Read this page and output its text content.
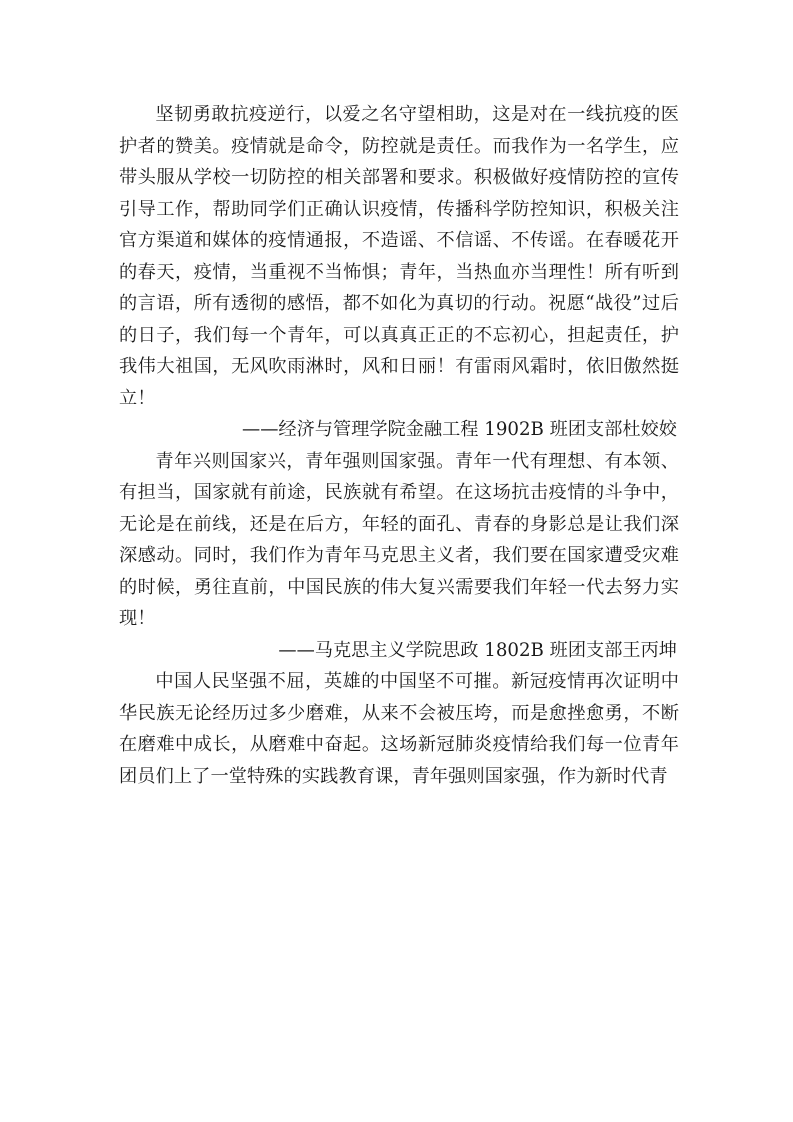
坚韧勇敢抗疫逆行，以爱之名守望相助，这是对在一线抗疫的医护者的赞美。疫情就是命令，防控就是责任。而我作为一名学生，应带头服从学校一切防控的相关部署和要求。积极做好疫情防控的宣传引导工作，帮助同学们正确认识疫情，传播科学防控知识，积极关注官方渠道和媒体的疫情通报，不造谣、不信谣、不传谣。在春暖花开的春天，疫情，当重视不当怖惧；青年，当热血亦当理性！所有听到的言语，所有透彻的感悟，都不如化为真切的行动。祝愿“战役”过后的日子，我们每一个青年，可以真真正正的不忘初心，担起责任，护我伟大祖国，无风吹雨淋时，风和日丽！有雷雨风霜时，依旧傲然挺立！

——经济与管理学院金融工程 1902B 班团支部杜姣姣

青年兴则国家兴，青年强则国家强。青年一代有理想、有本领、有担当，国家就有前途，民族就有希望。在这场抗击疫情的斗争中，无论是在前线，还是在后方，年轻的面孔、青春的身影总是让我们深深感动。同时，我们作为青年马克思主义者，我们要在国家遭受灾难的时候，勇往直前，中国民族的伟大复兴需要我们年轻一代去努力实现！

——马克思主义学院思政 1802B 班团支部王丙坤

中国人民坚强不屈，英雄的中国坚不可摧。新冠疫情再次证明中华民族无论经历过多少磨难，从来不会被压垮，而是愈挫愈勇，不断在磨难中成长，从磨难中奋起。这场新冠肺炎疫情给我们每一位青年团员们上了一堂特殊的实践教育课，青年强则国家强，作为新时代青
